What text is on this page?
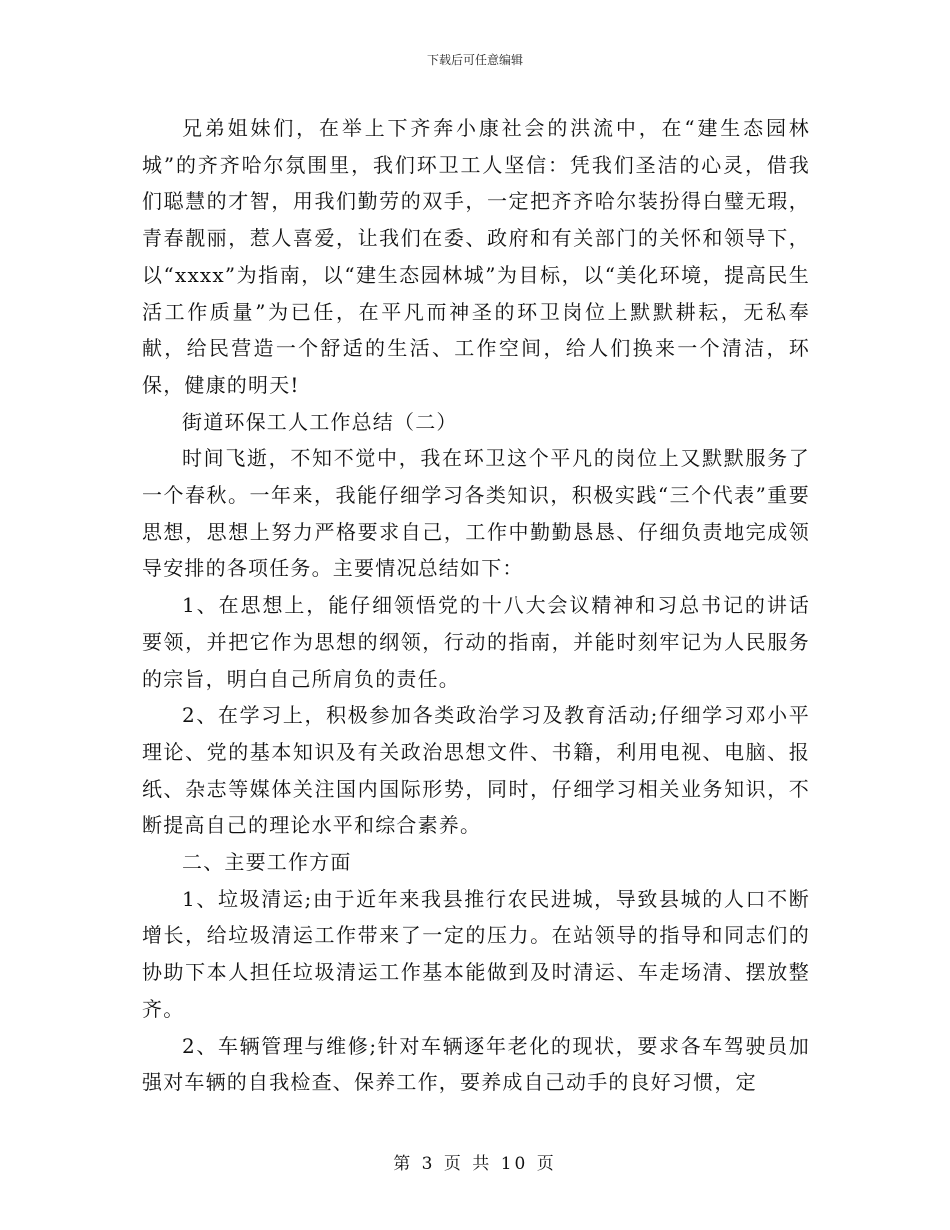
下载后可任意编辑

兄弟姐妹们，在举上下齐奔小康社会的洪流中，在“建生态园林城”的齐齐哈尔氛围里，我们环卫工人坚信：凭我们圣洁的心灵，借我们聪慧的才智，用我们勤劳的双手，一定把齐齐哈尔装扮得白璧无瑕，青春靓丽，惹人喜爱，让我们在委、政府和有关部门的关怀和领导下，以“xxxx”为指南，以“建生态园林城”为目标，以“美化环境，提高民生活工作质量”为已任，在平凡而神圣的环卫岗位上默默耕耘，无私奉献，给民营造一个舒适的生活、工作空间，给人们换来一个清洁，环保，健康的明天!

街道环保工人工作总结（二）

时间飞逝，不知不觉中，我在环卫这个平凡的岗位上又默默服务了一个春秋。一年来，我能仔细学习各类知识，积极实践“三个代表”重要思想，思想上努力严格要求自己，工作中勤勤恳恳、仔细负责地完成领导安排的各项任务。主要情况总结如下：

1、在思想上，能仔细领悟党的十八大会议精神和习总书记的讲话要领，并把它作为思想的纲领，行动的指南，并能时刻牢记为人民服务的宗旨，明白自己所肩负的责任。

2、在学习上，积极参加各类政治学习及教育活动;仔细学习邓小平理论、党的基本知识及有关政治思想文件、书籍，利用电视、电脑、报纸、杂志等媒体关注国内国际形势，同时，仔细学习相关业务知识，不断提高自己的理论水平和综合素养。

二、主要工作方面

1、垃圾清运;由于近年来我县推行农民进城，导致县城的人口不断增长，给垃圾清运工作带来了一定的压力。在站领导的指导和同志们的协助下本人担任垃圾清运工作基本能做到及时清运、车走场清、摆放整齐。

2、车辆管理与维修;针对车辆逐年老化的现状，要求各车驾驶员加强对车辆的自我检查、保养工作，要养成自己动手的良好习惯，定

第 3 页 共 10 页
